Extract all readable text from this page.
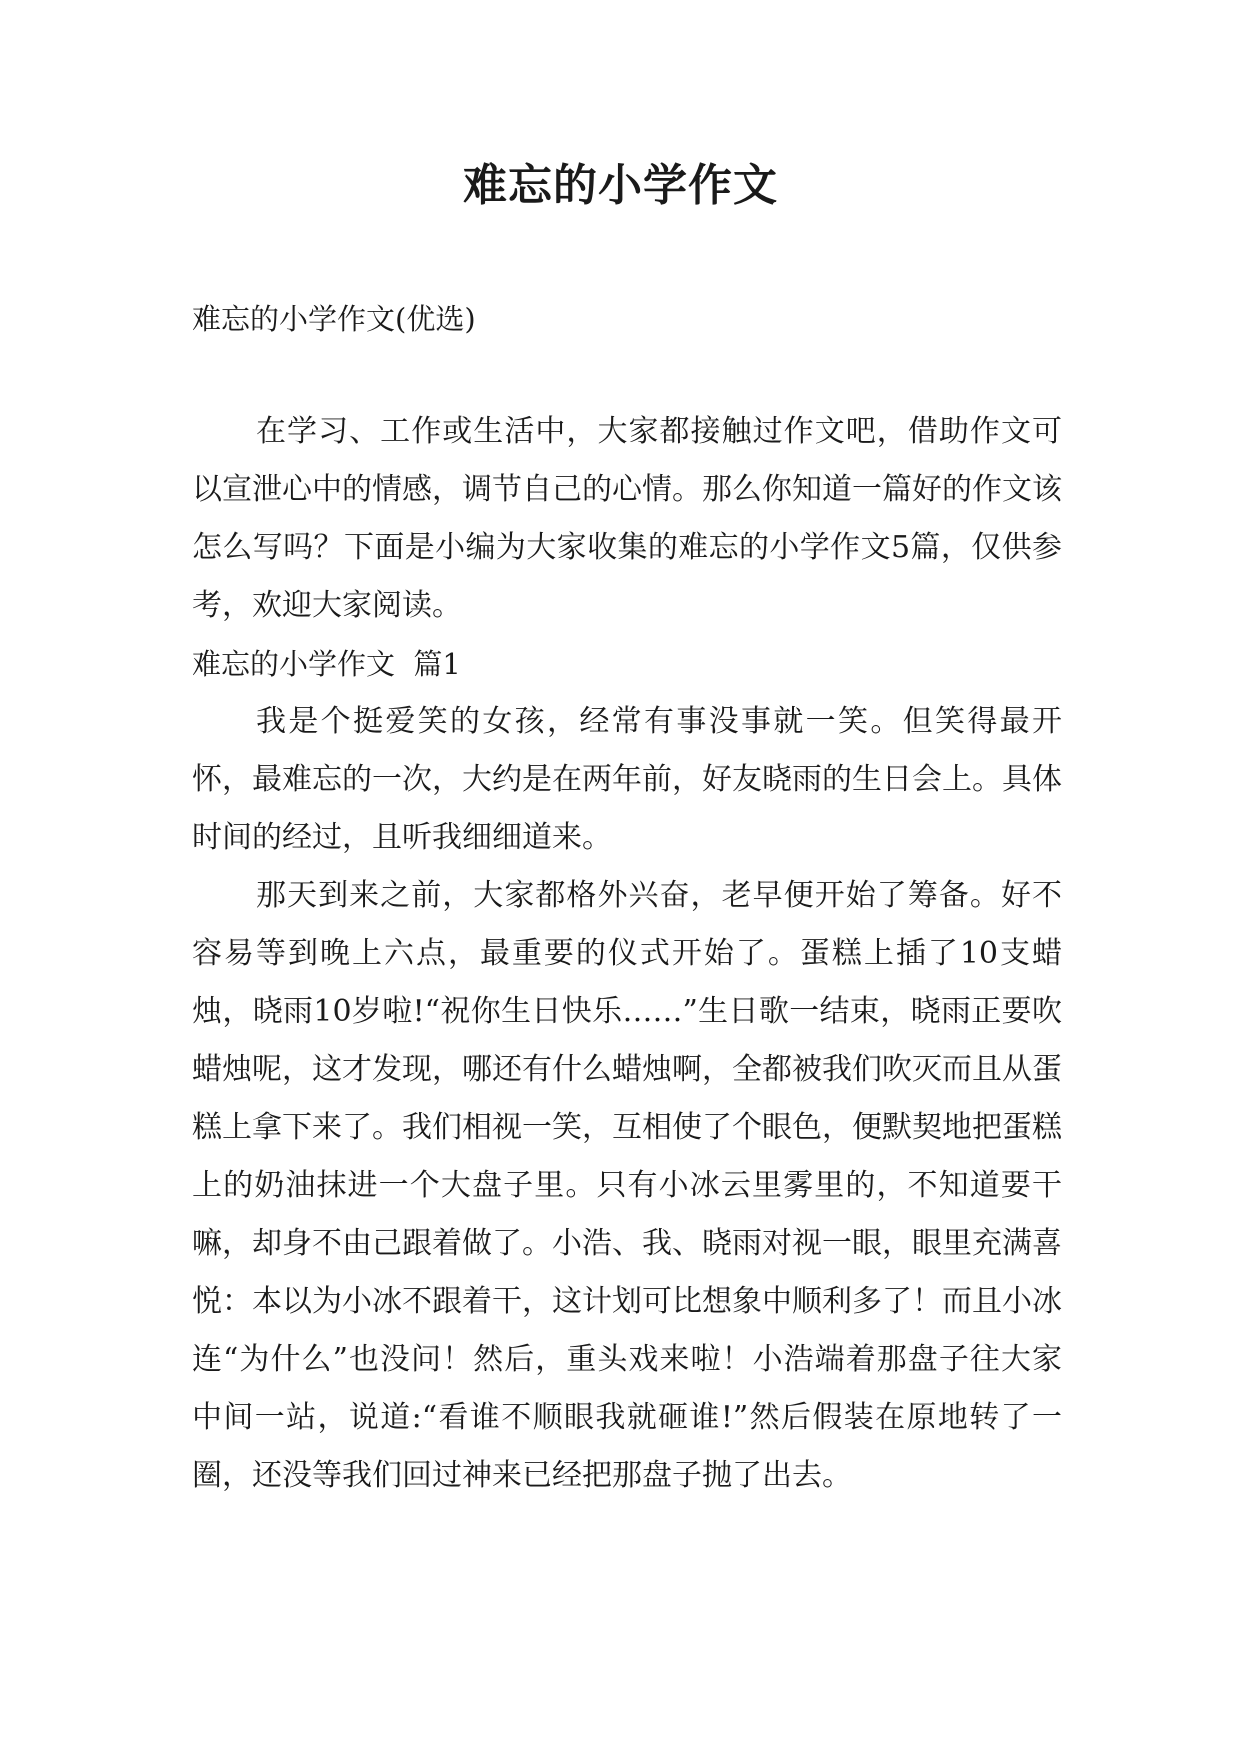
难忘的小学作文

难忘的小学作文(优选)

在学习、工作或生活中，大家都接触过作文吧，借助作文可以宣泄心中的情感，调节自己的心情。那么你知道一篇好的作文该怎么写吗？下面是小编为大家收集的难忘的小学作文5篇，仅供参考，欢迎大家阅读。

难忘的小学作文  篇1

我是个挺爱笑的女孩，经常有事没事就一笑。但笑得最开怀，最难忘的一次，大约是在两年前，好友晓雨的生日会上。具体时间的经过，且听我细细道来。

那天到来之前，大家都格外兴奋，老早便开始了筹备。好不容易等到晚上六点，最重要的仪式开始了。蛋糕上插了10支蜡烛，晓雨10岁啦!“祝你生日快乐……”生日歌一结束，晓雨正要吹蜡烛呢，这才发现，哪还有什么蜡烛啊，全都被我们吹灭而且从蛋糕上拿下来了。我们相视一笑，互相使了个眼色，便默契地把蛋糕上的奶油抹进一个大盘子里。只有小冰云里雾里的，不知道要干嘛，却身不由己跟着做了。小浩、我、晓雨对视一眼，眼里充满喜悦：本以为小冰不跟着干，这计划可比想象中顺利多了！而且小冰连“为什么”也没问！然后，重头戏来啦！小浩端着那盘子往大家中间一站，说道:“看谁不顺眼我就砸谁!”然后假装在原地转了一圈，还没等我们回过神来已经把那盘子抛了出去。
